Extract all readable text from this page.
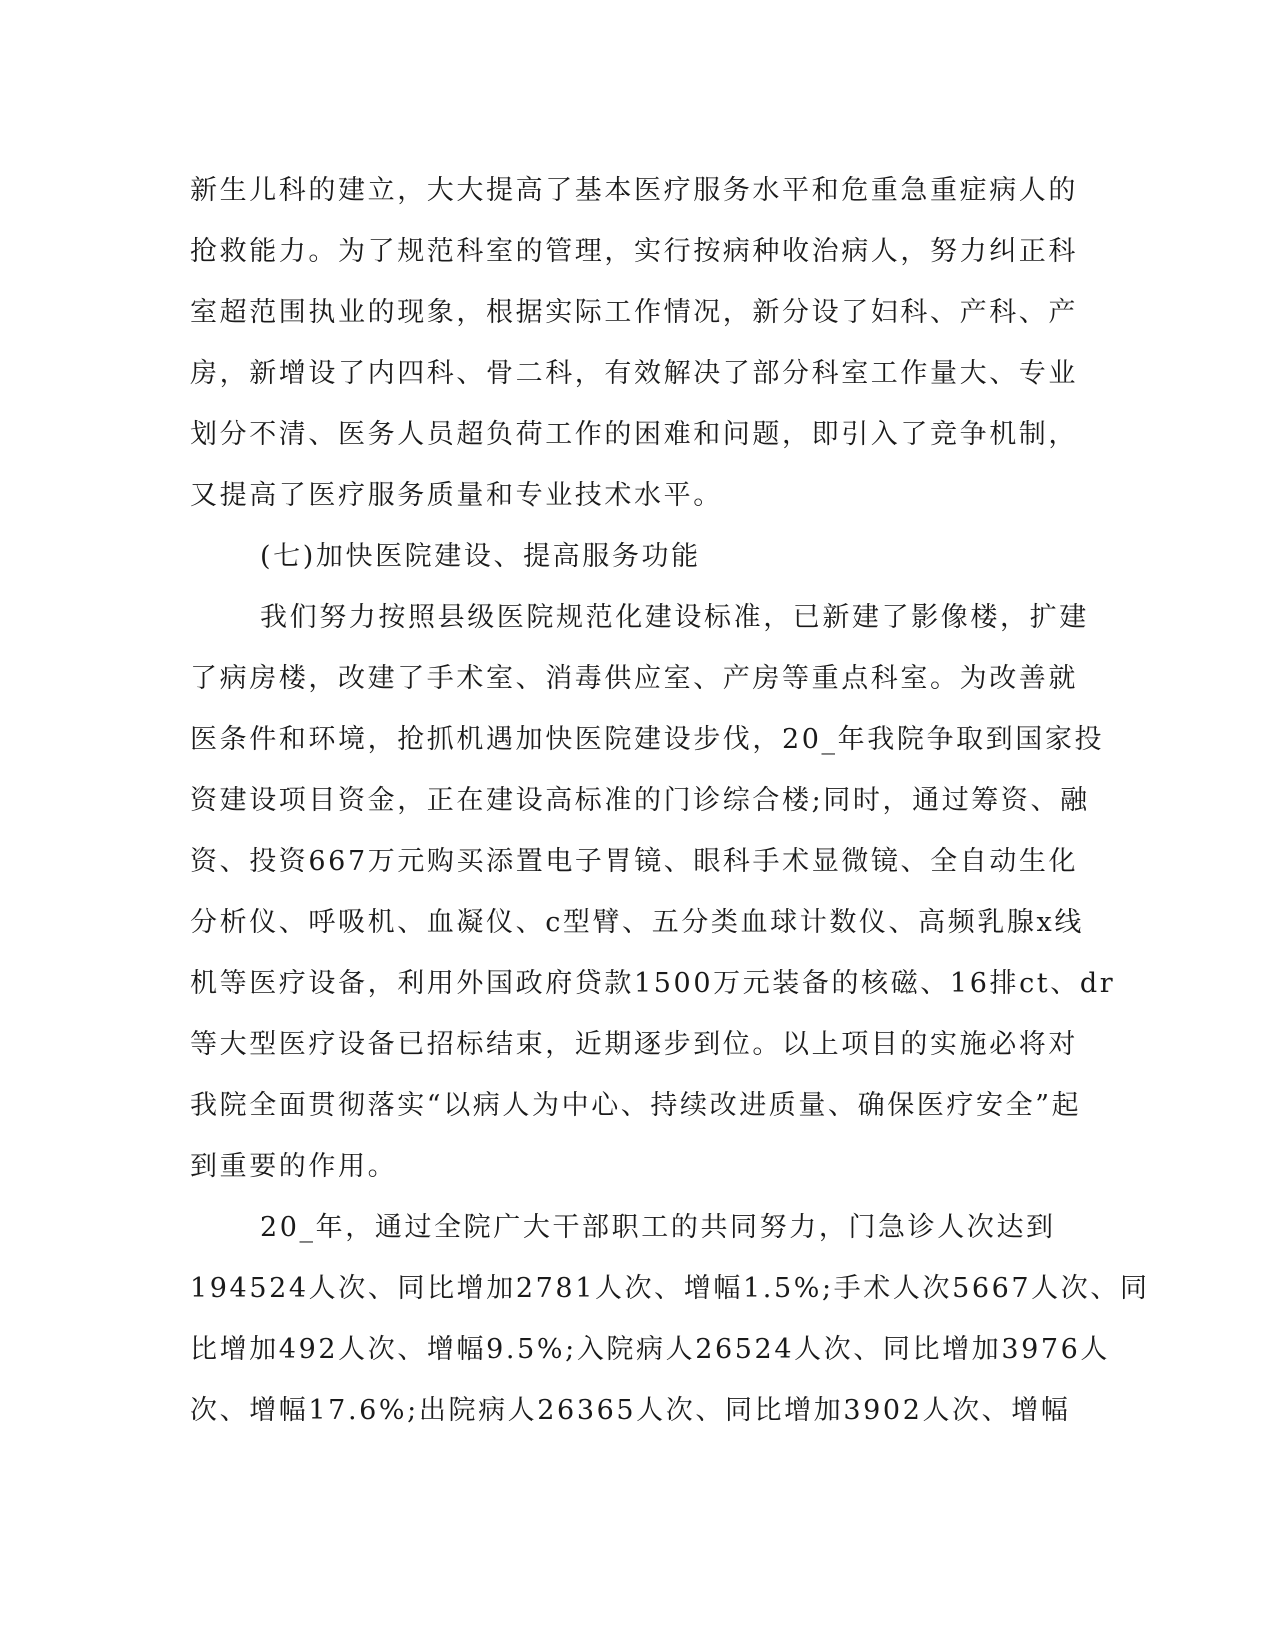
新生儿科的建立，大大提高了基本医疗服务水平和危重急重症病人的
抢救能力。为了规范科室的管理，实行按病种收治病人，努力纠正科
室超范围执业的现象，根据实际工作情况，新分设了妇科、产科、产
房，新增设了内四科、骨二科，有效解决了部分科室工作量大、专业
划分不清、医务人员超负荷工作的困难和问题，即引入了竞争机制，
又提高了医疗服务质量和专业技术水平。
(七)加快医院建设、提高服务功能
我们努力按照县级医院规范化建设标准，已新建了影像楼，扩建
了病房楼，改建了手术室、消毒供应室、产房等重点科室。为改善就
医条件和环境，抢抓机遇加快医院建设步伐，20_年我院争取到国家投
资建设项目资金，正在建设高标准的门诊综合楼;同时，通过筹资、融
资、投资667万元购买添置电子胃镜、眼科手术显微镜、全自动生化
分析仪、呼吸机、血凝仪、c型臂、五分类血球计数仪、高频乳腺x线
机等医疗设备，利用外国政府贷款1500万元装备的核磁、16排ct、dr
等大型医疗设备已招标结束，近期逐步到位。以上项目的实施必将对
我院全面贯彻落实“以病人为中心、持续改进质量、确保医疗安全”起
到重要的作用。
20_年，通过全院广大干部职工的共同努力，门急诊人次达到
194524人次、同比增加2781人次、增幅1.5%;手术人次5667人次、同
比增加492人次、增幅9.5%;入院病人26524人次、同比增加3976人
次、增幅17.6%;出院病人26365人次、同比增加3902人次、增幅
